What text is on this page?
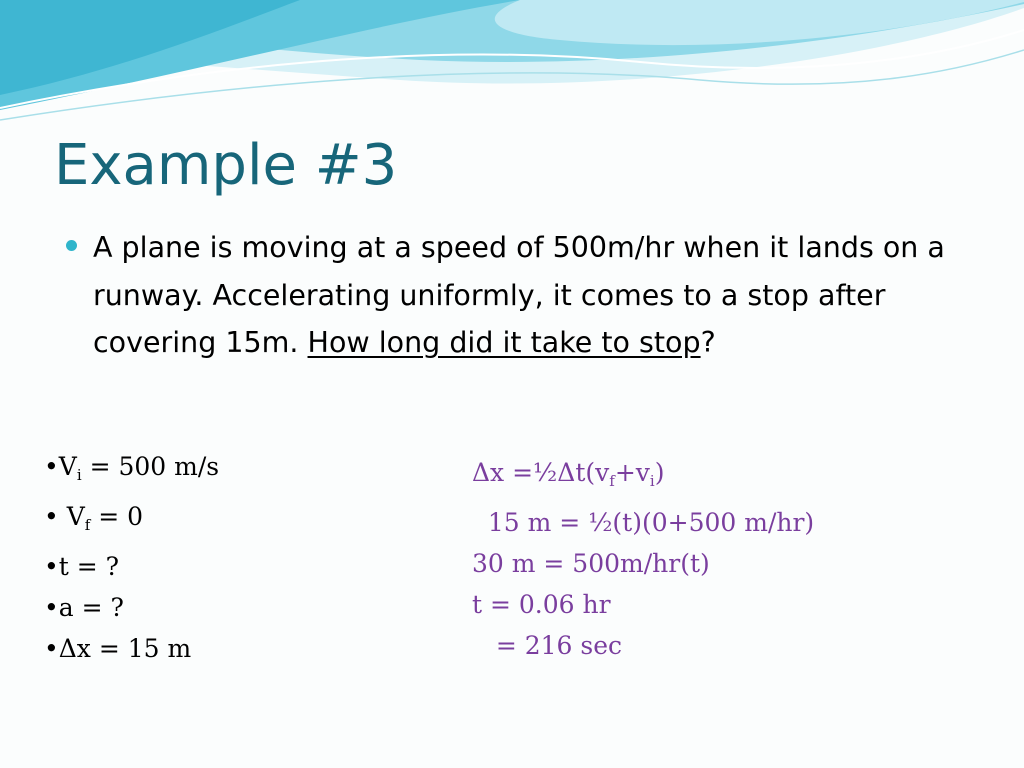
Example #3
A plane is moving at a speed of 500m/hr when it lands on a runway. Accelerating uniformly, it comes to a stop after covering 15m. How long did it take to stop?
$•V_i = 500$ m/s
• $V_f = 0$
•t = ?
•a = ?
•Δx = 15 m
$\Delta x =\frac{1}{2}\Delta t(v_f+v_i)$
15 m = ½(t)(0+500 m/hr)
30 m = 500m/hr(t)
t = 0.06 hr
= 216 sec
